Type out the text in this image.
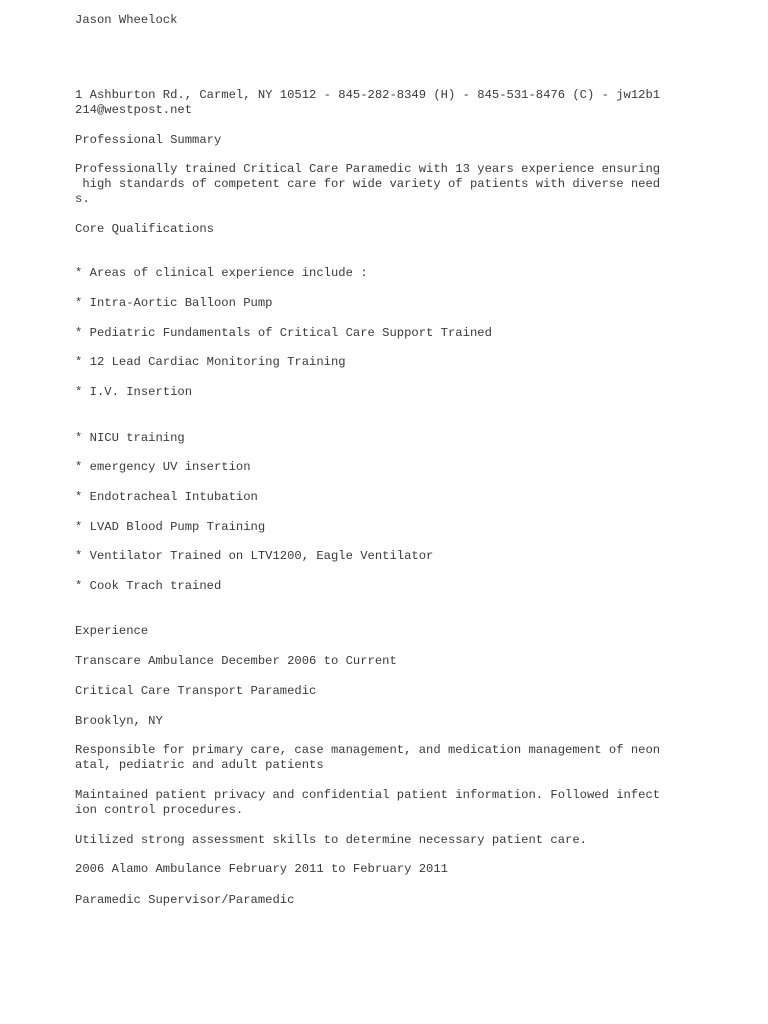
Jason Wheelock
1 Ashburton Rd., Carmel, NY 10512 - 845-282-8349 (H) - 845-531-8476 (C) - jw12b1
214@westpost.net
Professional Summary
Professionally trained Critical Care Paramedic with 13 years experience ensuring
high standards of competent care for wide variety of patients with diverse need
s.
Core Qualifications
* Areas of clinical experience include :
* Intra-Aortic Balloon Pump
* Pediatric Fundamentals of Critical Care Support Trained
* 12 Lead Cardiac Monitoring Training
* I.V. Insertion
* NICU training
* emergency UV insertion
* Endotracheal Intubation
* LVAD Blood Pump Training
* Ventilator Trained on LTV1200, Eagle Ventilator
* Cook Trach trained
Experience
Transcare Ambulance December 2006 to Current
Critical Care Transport Paramedic
Brooklyn, NY
Responsible for primary care, case management, and medication management of neon
atal, pediatric and adult patients
Maintained patient privacy and confidential patient information. Followed infect
ion control procedures.
Utilized strong assessment skills to determine necessary patient care.
2006 Alamo Ambulance February 2011 to February 2011
Paramedic Supervisor/Paramedic
